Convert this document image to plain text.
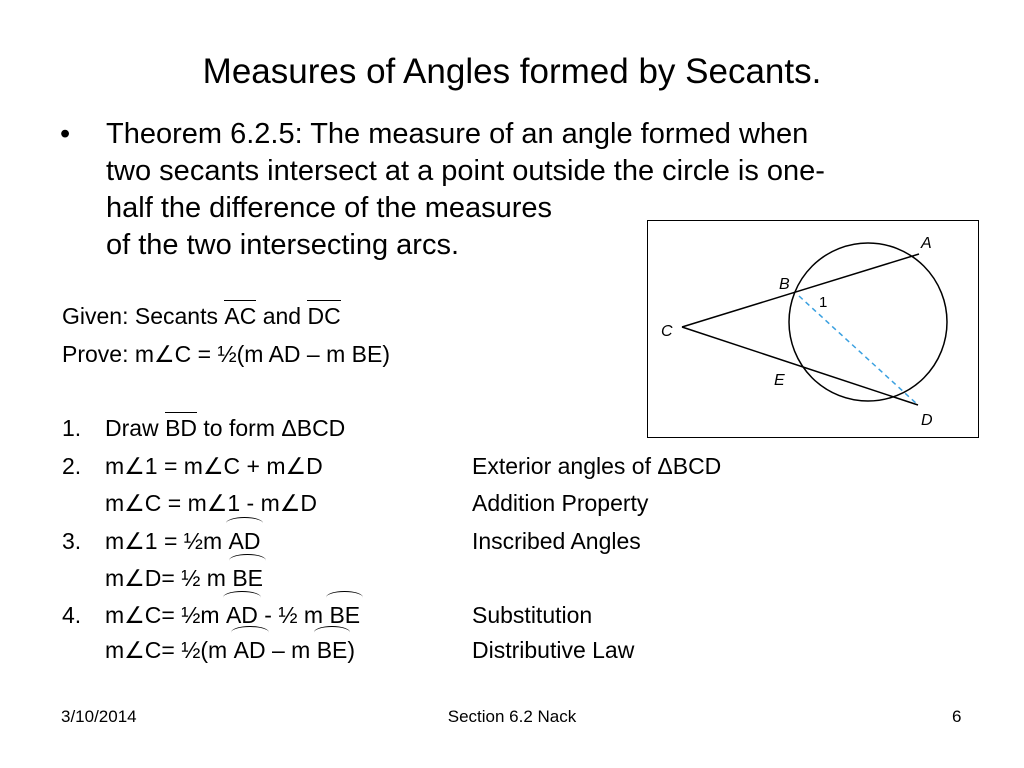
Measures of Angles formed by Secants.
• Theorem 6.2.5: The measure of an angle formed when
two secants intersect at a point outside the circle is one-
half the difference of the measures
of the two intersecting arcs.
Given: Secants AC and DC
Prove: m∠C = ½(m AD – m BE)
1. Draw BD to form ΔBCD
2. m∠1 = m∠C + m∠D	Exterior angles of ΔBCD
m∠C = m∠1 - m∠D	Addition Property
3. m∠1 = ½m AD	Inscribed Angles
m∠D= ½ m BE
4. m∠C= ½m AD - ½ m BE	Substitution
m∠C= ½(m AD – m BE)	Distributive Law
A
B
C
D
E
1
3/10/2014	Section 6.2 Nack	6
